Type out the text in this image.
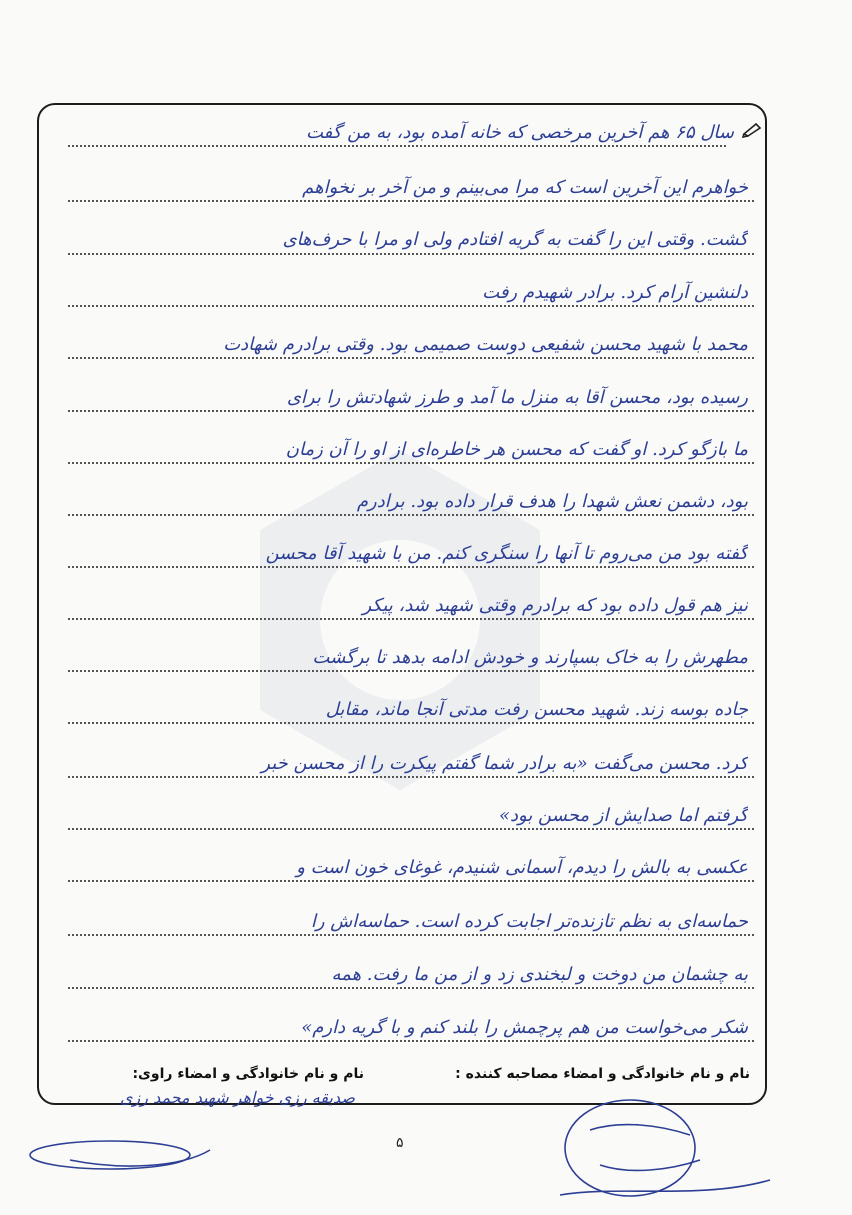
سال ۶۵ هم آخرین مرخصی که خانه آمده بود، به من گفت
خواهرم این آخرین است که مرا می‌بینم و من آخر بر نخواهم
گشت. وقتی این را گفت به گریه افتادم ولی او مرا با حرف‌های
دلنشین آرام کرد. برادر شهیدم رفت
محمد با شهید محسن شفیعی دوست صمیمی بود. وقتی برادرم شهادت
رسیده بود، محسن آقا به منزل ما آمد و طرز شهادتش را برای
ما بازگو کرد. او گفت که محسن هر خاطره‌ای از او را آن زمان
بود، دشمن نعش شهدا را هدف قرار داده بود. برادرم
گفته بود من می‌روم تا آنها را سنگری کنم. من با شهید آقا محسن
نیز هم قول داده بود که برادرم وقتی شهید شد، پیکر
مطهرش را به خاک بسپارند و خودش ادامه بدهد تا برگشت
جاده بوسه زند. شهید محسن رفت مدتی آنجا ماند، مقابل
کرد. محسن می‌گفت «به برادر شما گفتم پیکرت را از محسن خبر
گرفتم اما صدایش از محسن بود»
عکسی به بالش را دیدم، آسمانی شنیدم، غوغای خون است و
حماسه‌ای به نظم تازنده‌تر اجابت کرده است. حماسه‌اش را
به چشمان من دوخت و لبخندی زد و از من ما رفت. همه
شکر می‌خواست من هم پرچمش را بلند کنم و با گریه دارم»
نام و نام خانوادگی و امضاء مصاحبه کننده :
نام و نام خانوادگی و امضاء راوی:
صدیقه رزی خواهر شهید محمد رزی
۵
